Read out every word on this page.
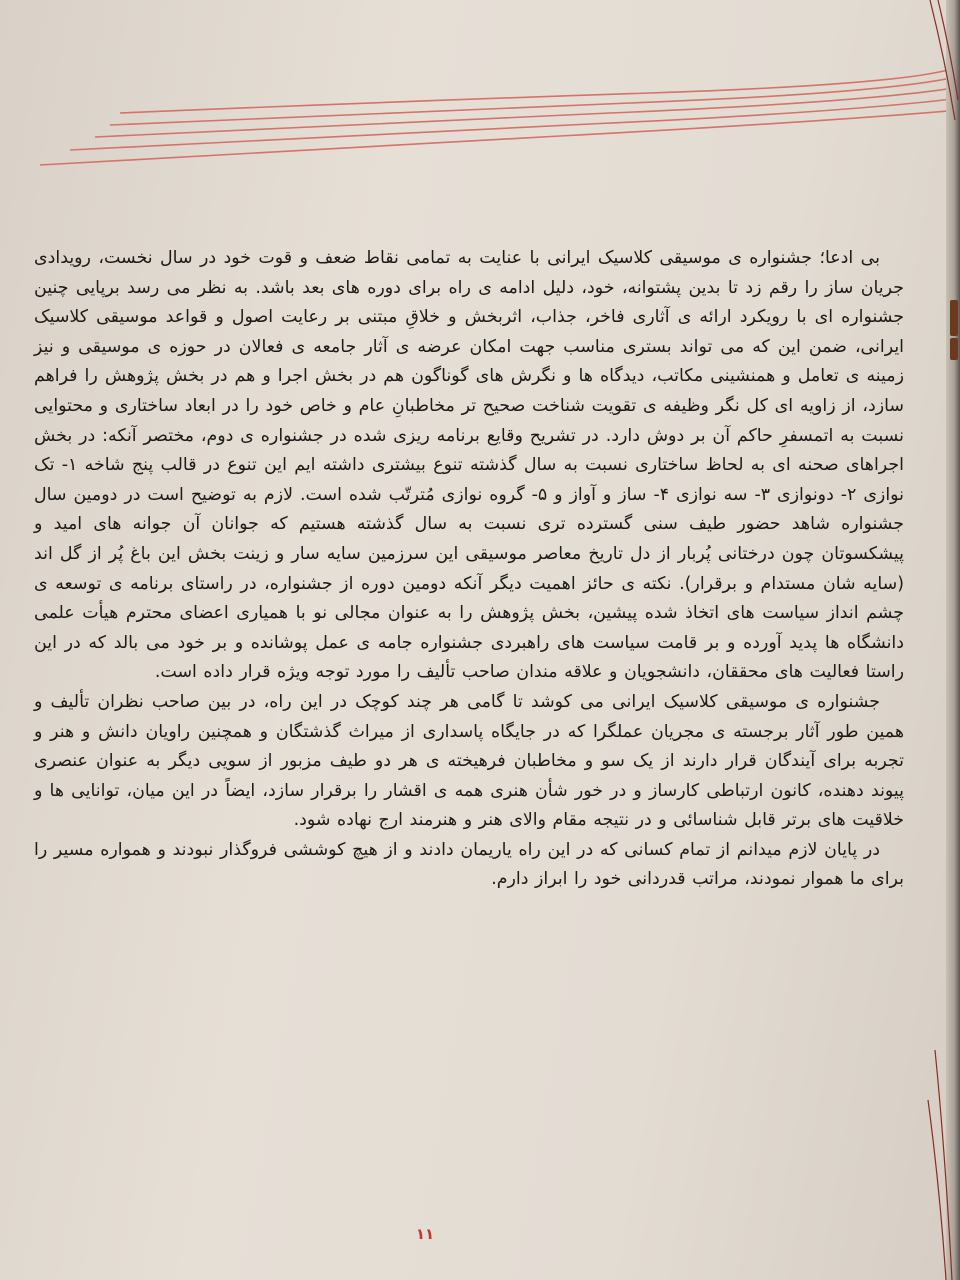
بی ادعا؛ جشنواره ی موسیقی کلاسیک ایرانی با عنایت به تمامی نقاط ضعف و قوت خود در سال نخست، رویدادی جریان ساز را رقم زد تا بدین پشتوانه، خود، دلیل ادامه ی راه برای دوره های بعد باشد. به نظر می رسد برپایی چنین جشنواره ای با رویکرد ارائه ی آثاری فاخر، جذاب، اثربخش و خلاقِ مبتنی بر رعایت اصول و قواعد موسیقی کلاسیک ایرانی، ضمن این که می تواند بستری مناسب جهت امکان عرضه ی آثار جامعه ی فعالان در حوزه ی موسیقی و نیز زمینه ی تعامل و همنشینی مکاتب، دیدگاه ها و نگرش های گوناگون هم در بخش اجرا و هم در بخش پژوهش را فراهم سازد، از زاویه ای کل نگر وظیفه ی تقویت شناخت صحیح تر مخاطبانِ عام و خاص خود را در ابعاد ساختاری و محتوایی نسبت به اتمسفرِ حاکم آن بر دوش دارد. در تشریح وقایع برنامه ریزی شده در جشنواره ی دوم، مختصر آنکه: در بخش اجراهای صحنه ای به لحاظ ساختاری نسبت به سال گذشته تنوع بیشتری داشته ایم این تنوع در قالب پنج شاخه ۱- تک نوازی ۲- دونوازی ۳- سه نوازی ۴- ساز و آواز و ۵- گروه نوازی مُترتّب شده است. لازم به توضیح است در دومین سال جشنواره شاهد حضور طیف سنی گسترده تری نسبت به سال گذشته هستیم که جوانان آن جوانه های امید و پیشکسوتان چون درختانی پُربار از دل تاریخ معاصر موسیقی این سرزمین سایه سار و زینت بخش این باغ پُر از گل اند (سایه شان مستدام و برقرار). نکته ی حائز اهمیت دیگر آنکه دومین دوره از جشنواره، در راستای برنامه ی توسعه ی چشم انداز سیاست های اتخاذ شده پیشین، بخش پژوهش را به عنوان مجالی نو با همیاری اعضای محترم هیأت علمی دانشگاه ها پدید آورده و بر قامت سیاست های راهبردی جشنواره جامه ی عمل پوشانده و بر خود می بالد که در این راستا فعالیت های محققان، دانشجویان و علاقه مندان صاحب تألیف را مورد توجه ویژه قرار داده است.

جشنواره ی موسیقی کلاسیک ایرانی می کوشد تا گامی هر چند کوچک در این راه، در بین صاحب نظران تألیف و همین طور آثار برجسته ی مجریان عملگرا که در جایگاه پاسداری از میراث گذشتگان و همچنین راویان دانش و هنر و تجربه برای آیندگان قرار دارند از یک سو و مخاطبان فرهیخته ی هر دو طیف مزبور از سویی دیگر به عنوان عنصری پیوند دهنده، کانون ارتباطی کارساز و در خور شأن هنری همه ی اقشار را برقرار سازد، ایضاً در این میان، توانایی ها و خلاقیت های برتر قابل شناسائی و در نتیجه مقام والای هنر و هنرمند ارج نهاده شود.

در پایان لازم میدانم از تمام کسانی که در این راه یاریمان دادند و از هیچ کوششی فروگذار نبودند و همواره مسیر را برای ما هموار نمودند، مراتب قدردانی خود را ابراز دارم.

۱۱
